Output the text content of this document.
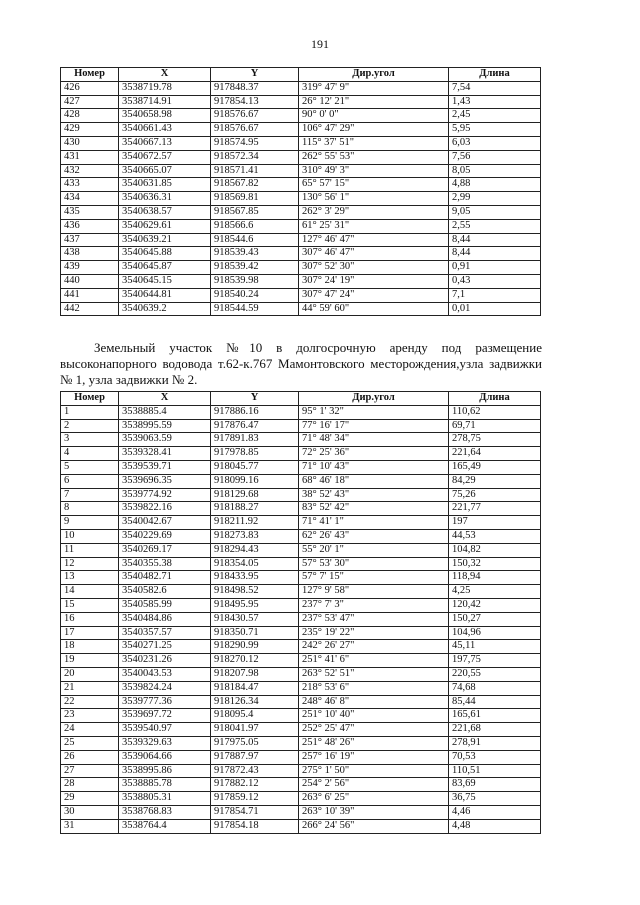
191
Номер	X	Y	Дир.угол	Длина
426	3538719.78	917848.37	319° 47' 9"	7,54
427	3538714.91	917854.13	26° 12' 21"	1,43
428	3540658.98	918576.67	90° 0' 0"	2,45
429	3540661.43	918576.67	106° 47' 29"	5,95
430	3540667.13	918574.95	115° 37' 51"	6,03
431	3540672.57	918572.34	262° 55' 53"	7,56
432	3540665.07	918571.41	310° 49' 3"	8,05
433	3540631.85	918567.82	65° 57' 15"	4,88
434	3540636.31	918569.81	130° 56' 1"	2,99
435	3540638.57	918567.85	262° 3' 29"	9,05
436	3540629.61	918566.6	61° 25' 31"	2,55
437	3540639.21	918544.6	127° 46' 47"	8,44
438	3540645.88	918539.43	307° 46' 47"	8,44
439	3540645.87	918539.42	307° 52' 30"	0,91
440	3540645.15	918539.98	307° 24' 19"	0,43
441	3540644.81	918540.24	307° 47' 24"	7,1
442	3540639.2	918544.59	44° 59' 60"	0,01
Земельный участок №10 в долгосрочную аренду под размещение высоконапорного водовода т.62-к.767 Мамонтовского месторождения,узла задвижки № 1, узла задвижки № 2.
Номер	X	Y	Дир.угол	Длина
1	3538885.4	917886.16	95° 1' 32"	110,62
2	3538995.59	917876.47	77° 16' 17"	69,71
3	3539063.59	917891.83	71° 48' 34"	278,75
4	3539328.41	917978.85	72° 25' 36"	221,64
5	3539539.71	918045.77	71° 10' 43"	165,49
6	3539696.35	918099.16	68° 46' 18"	84,29
7	3539774.92	918129.68	38° 52' 43"	75,26
8	3539822.16	918188.27	83° 52' 42"	221,77
9	3540042.67	918211.92	71° 41' 1"	197
10	3540229.69	918273.83	62° 26' 43"	44,53
11	3540269.17	918294.43	55° 20' 1"	104,82
12	3540355.38	918354.05	57° 53' 30"	150,32
13	3540482.71	918433.95	57° 7' 15"	118,94
14	3540582.6	918498.52	127° 9' 58"	4,25
15	3540585.99	918495.95	237° 7' 3"	120,42
16	3540484.86	918430.57	237° 53' 47"	150,27
17	3540357.57	918350.71	235° 19' 22"	104,96
18	3540271.25	918290.99	242° 26' 27"	45,11
19	3540231.26	918270.12	251° 41' 6"	197,75
20	3540043.53	918207.98	263° 52' 51"	220,55
21	3539824.24	918184.47	218° 53' 6"	74,68
22	3539777.36	918126.34	248° 46' 8"	85,44
23	3539697.72	918095.4	251° 10' 40"	165,61
24	3539540.97	918041.97	252° 25' 47"	221,68
25	3539329.63	917975.05	251° 48' 26"	278,91
26	3539064.66	917887.97	257° 16' 19"	70,53
27	3538995.86	917872.43	275° 1' 50"	110,51
28	3538885.78	917882.12	254° 2' 56"	83,69
29	3538805.31	917859.12	263° 6' 25"	36,75
30	3538768.83	917854.71	263° 10' 39"	4,46
31	3538764.4	917854.18	266° 24' 56"	4,48
